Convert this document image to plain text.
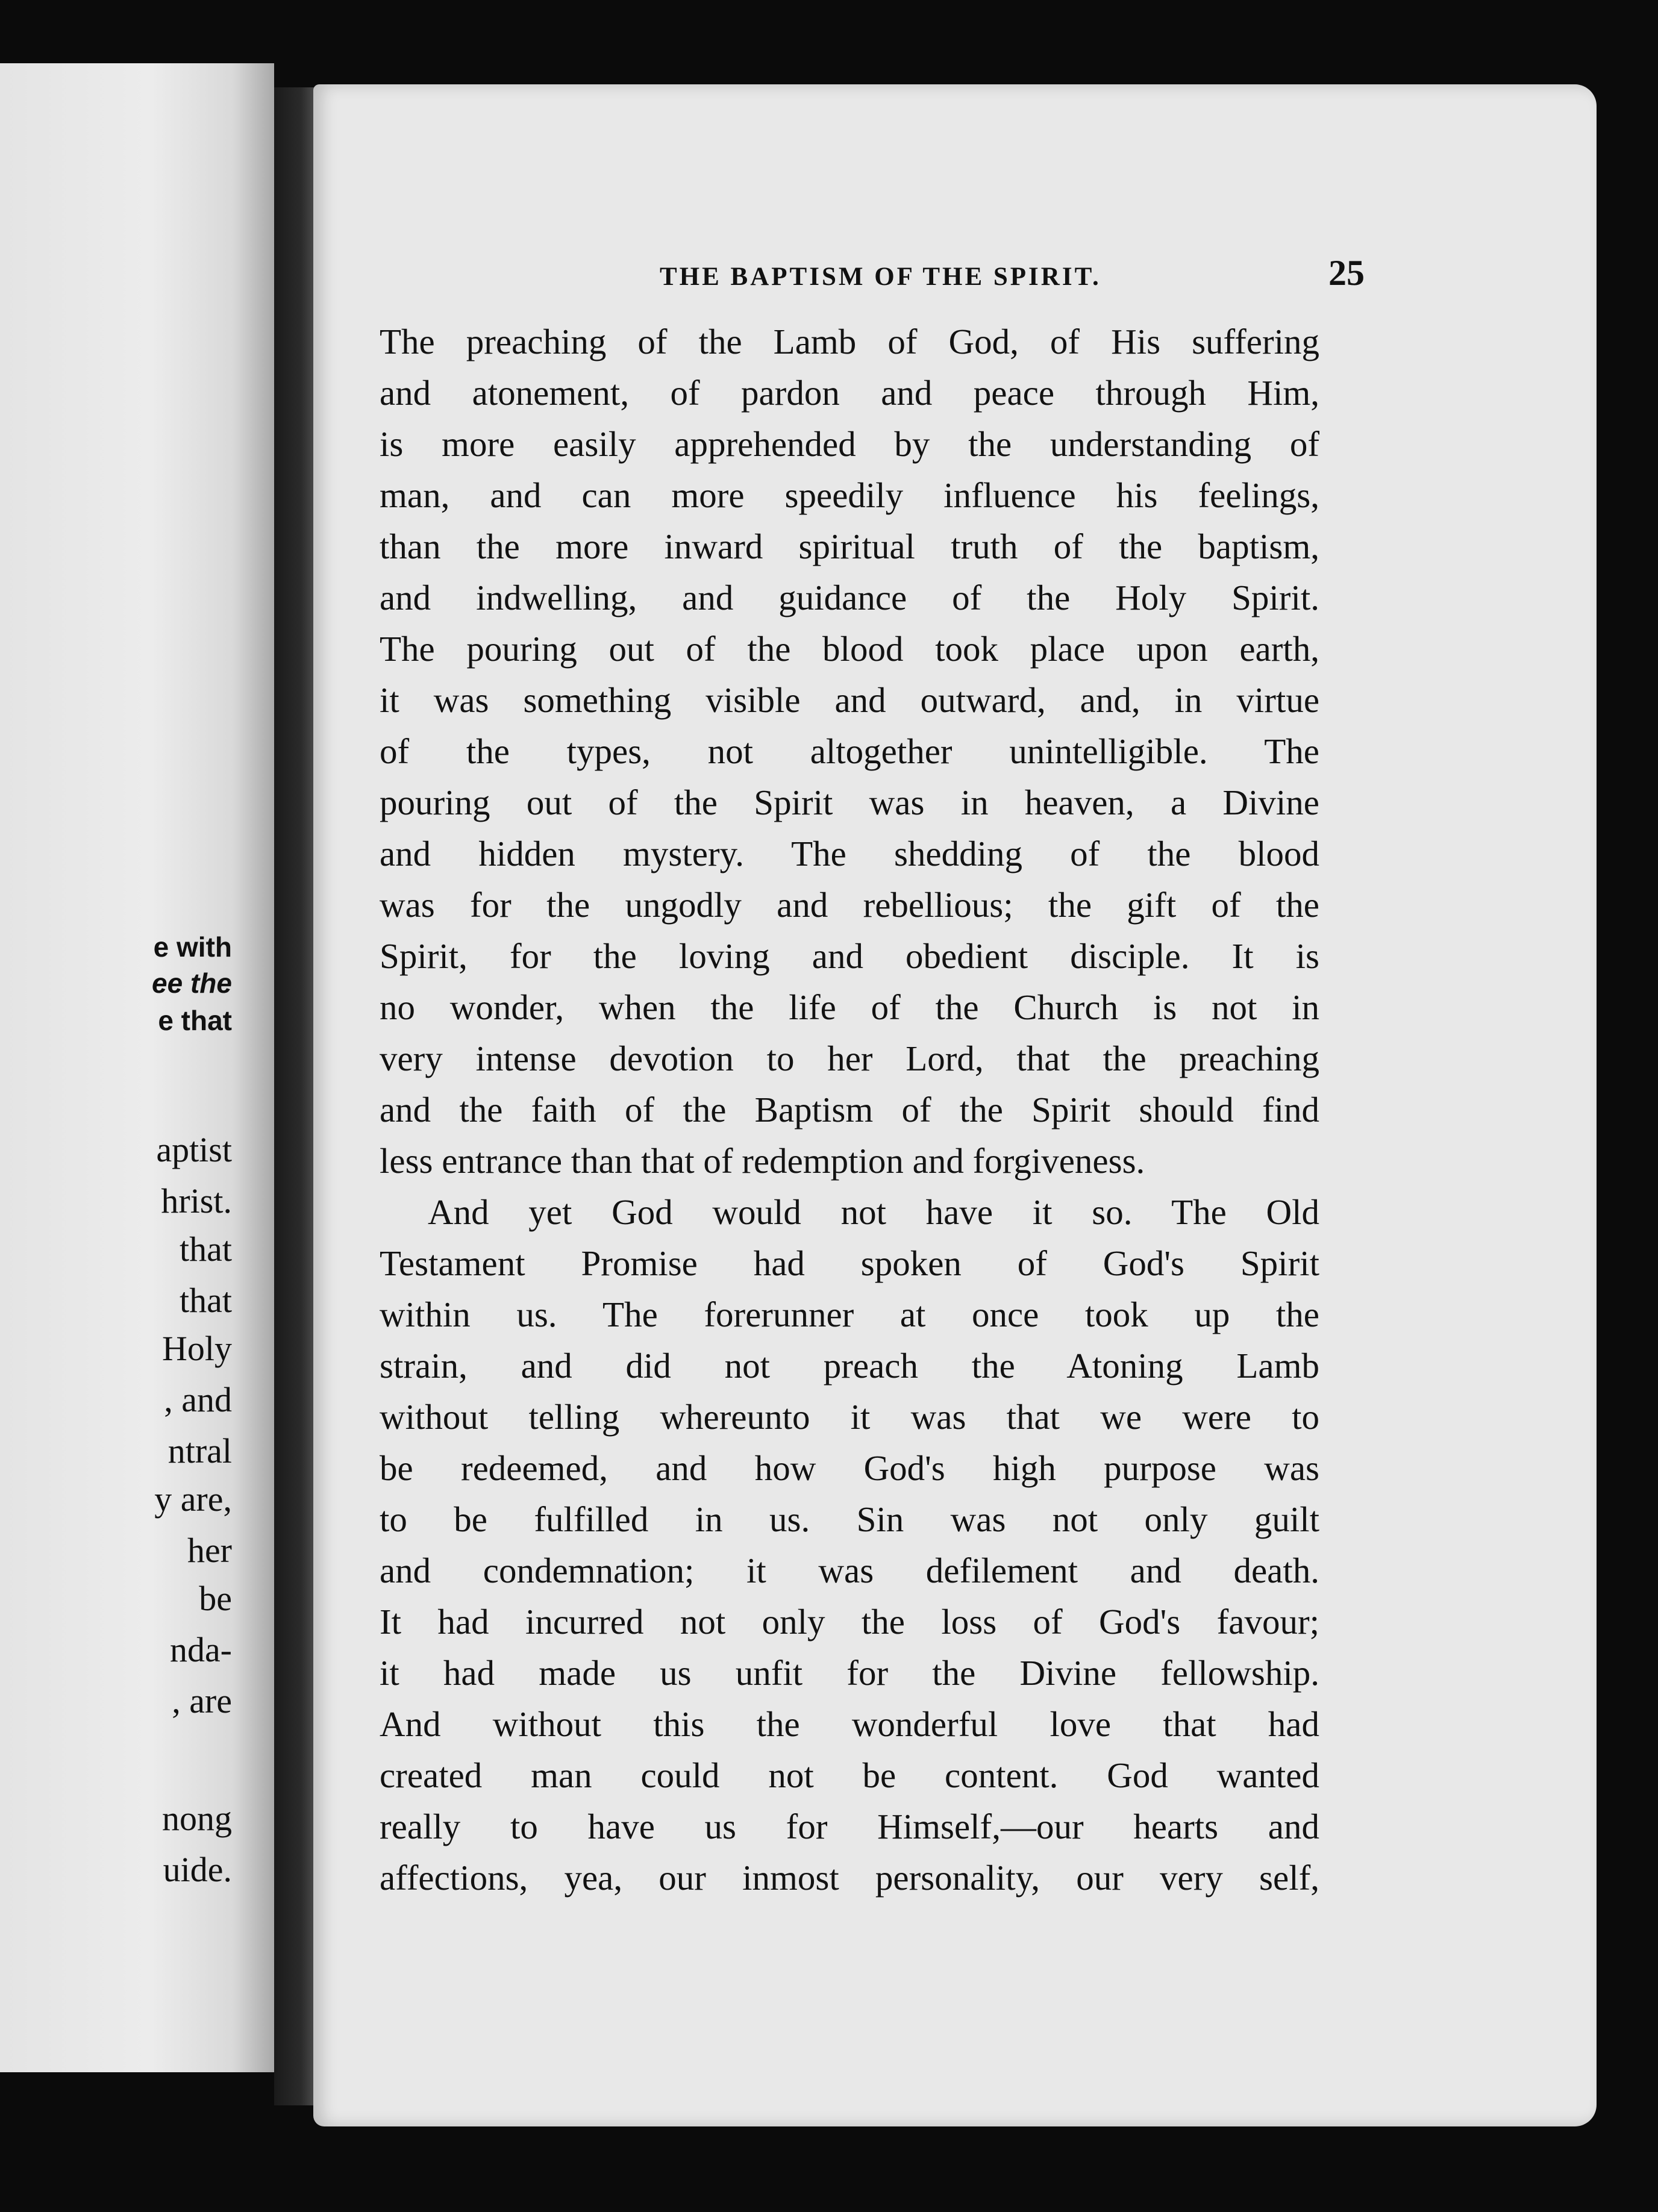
e with
ee the
e that
aptist
hrist.
that
that
Holy
, and
ntral
y are,
her
be
nda-
, are
nong
uide.
THE BAPTISM OF THE SPIRIT.	25
The preaching of the Lamb of God, of His suffering
and atonement, of pardon and peace through Him,
is more easily apprehended by the understanding of
man, and can more speedily influence his feelings,
than the more inward spiritual truth of the baptism,
and indwelling, and guidance of the Holy Spirit.
The pouring out of the blood took place upon earth,
it was something visible and outward, and, in virtue
of the types, not altogether unintelligible. The
pouring out of the Spirit was in heaven, a Divine
and hidden mystery. The shedding of the blood
was for the ungodly and rebellious; the gift of the
Spirit, for the loving and obedient disciple. It is
no wonder, when the life of the Church is not in
very intense devotion to her Lord, that the preaching
and the faith of the Baptism of the Spirit should find
less entrance than that of redemption and forgiveness.
And yet God would not have it so. The Old
Testament Promise had spoken of God's Spirit
within us. The forerunner at once took up the
strain, and did not preach the Atoning Lamb
without telling whereunto it was that we were to
be redeemed, and how God's high purpose was
to be fulfilled in us. Sin was not only guilt
and condemnation; it was defilement and death.
It had incurred not only the loss of God's favour;
it had made us unfit for the Divine fellowship.
And without this the wonderful love that had
created man could not be content. God wanted
really to have us for Himself,—our hearts and
affections, yea, our inmost personality, our very self,
